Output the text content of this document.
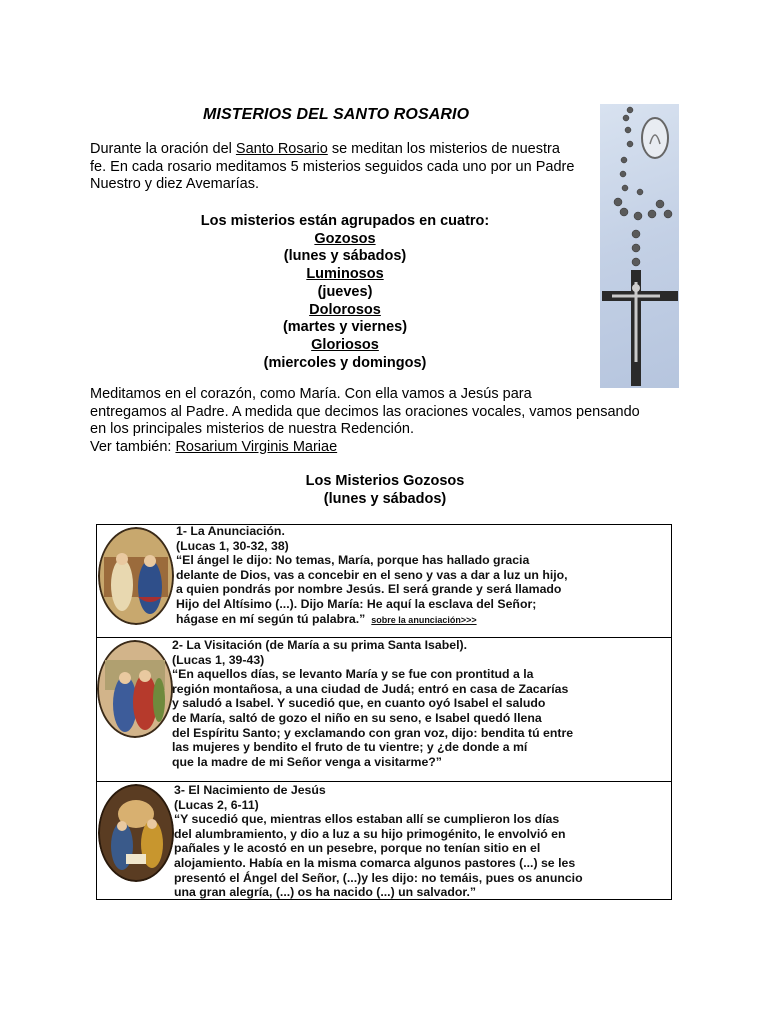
MISTERIOS DEL SANTO ROSARIO
Durante la oración del Santo Rosario se meditan los misterios de nuestra
fe. En cada rosario meditamos 5 misterios seguidos cada uno por un Padre
Nuestro y diez Avemarías.
Los misterios están agrupados en cuatro:
Gozosos
(lunes y sábados)
Luminosos
(jueves)
Dolorosos
(martes y viernes)
Gloriosos
(miercoles y domingos)
Meditamos en el corazón, como María. Con ella vamos a Jesús para
entregamos al Padre. A medida que decimos las oraciones vocales, vamos pensando
en los principales misterios de nuestra Redención.
Ver también: Rosarium Virginis Mariae
Los Misterios Gozosos
(lunes y sábados)
1- La Anunciación.
(Lucas 1, 30-32, 38)
“El ángel le dijo: No temas, María, porque has hallado gracia
delante de Dios, vas a concebir en el seno y vas a dar a luz un hijo,
a quien pondrás por nombre Jesús. El será grande y será llamado
Hijo del Altísimo (...). Dijo María: He aquí la esclava del Señor;
hágase en mí según tú palabra.” sobre la anunciación>>>
2- La Visitación (de María a su prima Santa Isabel).
(Lucas 1, 39-43)
“En aquellos días, se levanto María y se fue con prontitud a la
región montañosa, a una ciudad de Judá; entró en casa de Zacarías
y saludó a Isabel. Y sucedió que, en cuanto oyó Isabel el saludo
de María, saltó de gozo el niño en su seno, e Isabel quedó llena
del Espíritu Santo; y exclamando con gran voz, dijo: bendita tú entre
las mujeres y bendito el fruto de tu vientre; y ¿de donde a mí
que la madre de mi Señor venga a visitarme?”
3- El Nacimiento de Jesús
(Lucas 2, 6-11)
“Y sucedió que, mientras ellos estaban allí se cumplieron los días
del alumbramiento, y dio a luz a su hijo primogénito, le envolvió en
pañales y le acostó en un pesebre, porque no tenían sitio en el
alojamiento. Había en la misma comarca algunos pastores (...) se les
presentó el Ángel del Señor, (...)y les dijo: no temáis, pues os anuncio
una gran alegría, (...) os ha nacido (...) un salvador.”
